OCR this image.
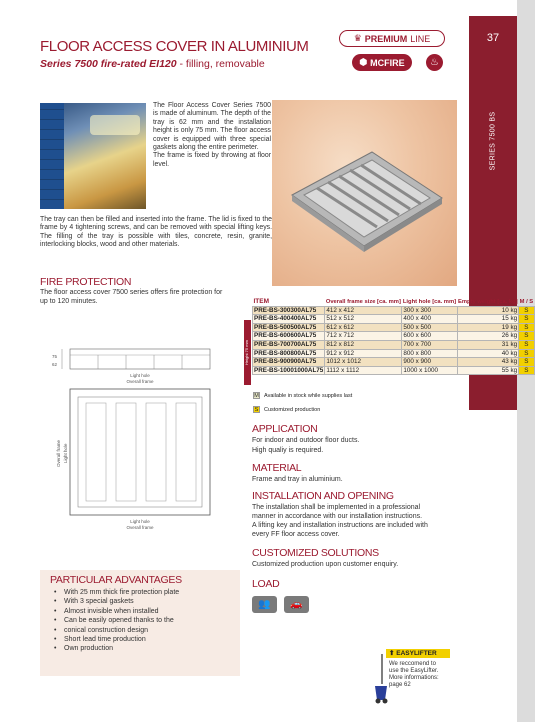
37
SERIES 7500 BS
FLOOR ACCESS COVER IN ALUMINIUM
Series 7500 fire-rated EI120 - filling, removable
♛ PREMIUM LINE
⬢ MCFIRE	♨

The Floor Access Cover Series 7500 is made of aluminum. The depth of the tray is 62 mm and the installation height is only 75 mm. The floor access cover is equipped with three special gaskets along the entire perimeter.

The frame is fixed by throwing at floor level.

The tray can then be filled and inserted into the frame. The lid is fixed to the frame by 4 tightening screws, and can be removed with special lifting keys. The filling of the tray is possible with tiles, concrete, resin, granite, interlocking blocks, wood and other materials.
FIRE PROTECTION
The floor access cover 7500 series offers fire protection for up to 120 minutes.
75
62
Light hole
Overall frame
Light hole
Overall frame
Overall frame Light hole
Height 75 mm
ITEM	Overall frame size [ca. mm]	Light hole [ca. mm]	Empty weight [ca. kg]	M / S
PRE-BS-300300AL75	412 x 412	300 x 300	10 kg	S
PRE-BS-400400AL75	512 x 512	400 x 400	15 kg	S
PRE-BS-500500AL75	612 x 612	500 x 500	19 kg	S
PRE-BS-600600AL75	712 x 712	600 x 600	26 kg	S
PRE-BS-700700AL75	812 x 812	700 x 700	31 kg	S
PRE-BS-800800AL75	912 x 912	800 x 800	40 kg	S
PRE-BS-900900AL75	1012 x 1012	900 x 900	43 kg	S
PRE-BS-10001000AL75	1112 x 1112	1000 x 1000	55 kg	S
M Available in stock while supplies last
S	Customized production
APPLICATION
For indoor and outdoor floor ducts.
High qualiy is required.
MATERIAL
Frame and tray in aluminium.
INSTALLATION AND OPENING
The installation shall be implemented in a professional
manner in accordance with our installation instructions.
A lifting key and installation instructions are included with
every FF floor access cover.
CUSTOMIZED SOLUTIONS
Customized production upon customer enquiry.
LOAD
👥	🚗
PARTICULAR ADVANTAGES
• With 25 mm thick fire protection plate
• With 3 special gaskets
• Almost invisible when installed
• Can be easily opened thanks to the
• conical construction design
• Short lead time production
• Own production
⬆ EASYLIFTER
We reccomend to
use the EasyLifter.
More informations:
page 62
